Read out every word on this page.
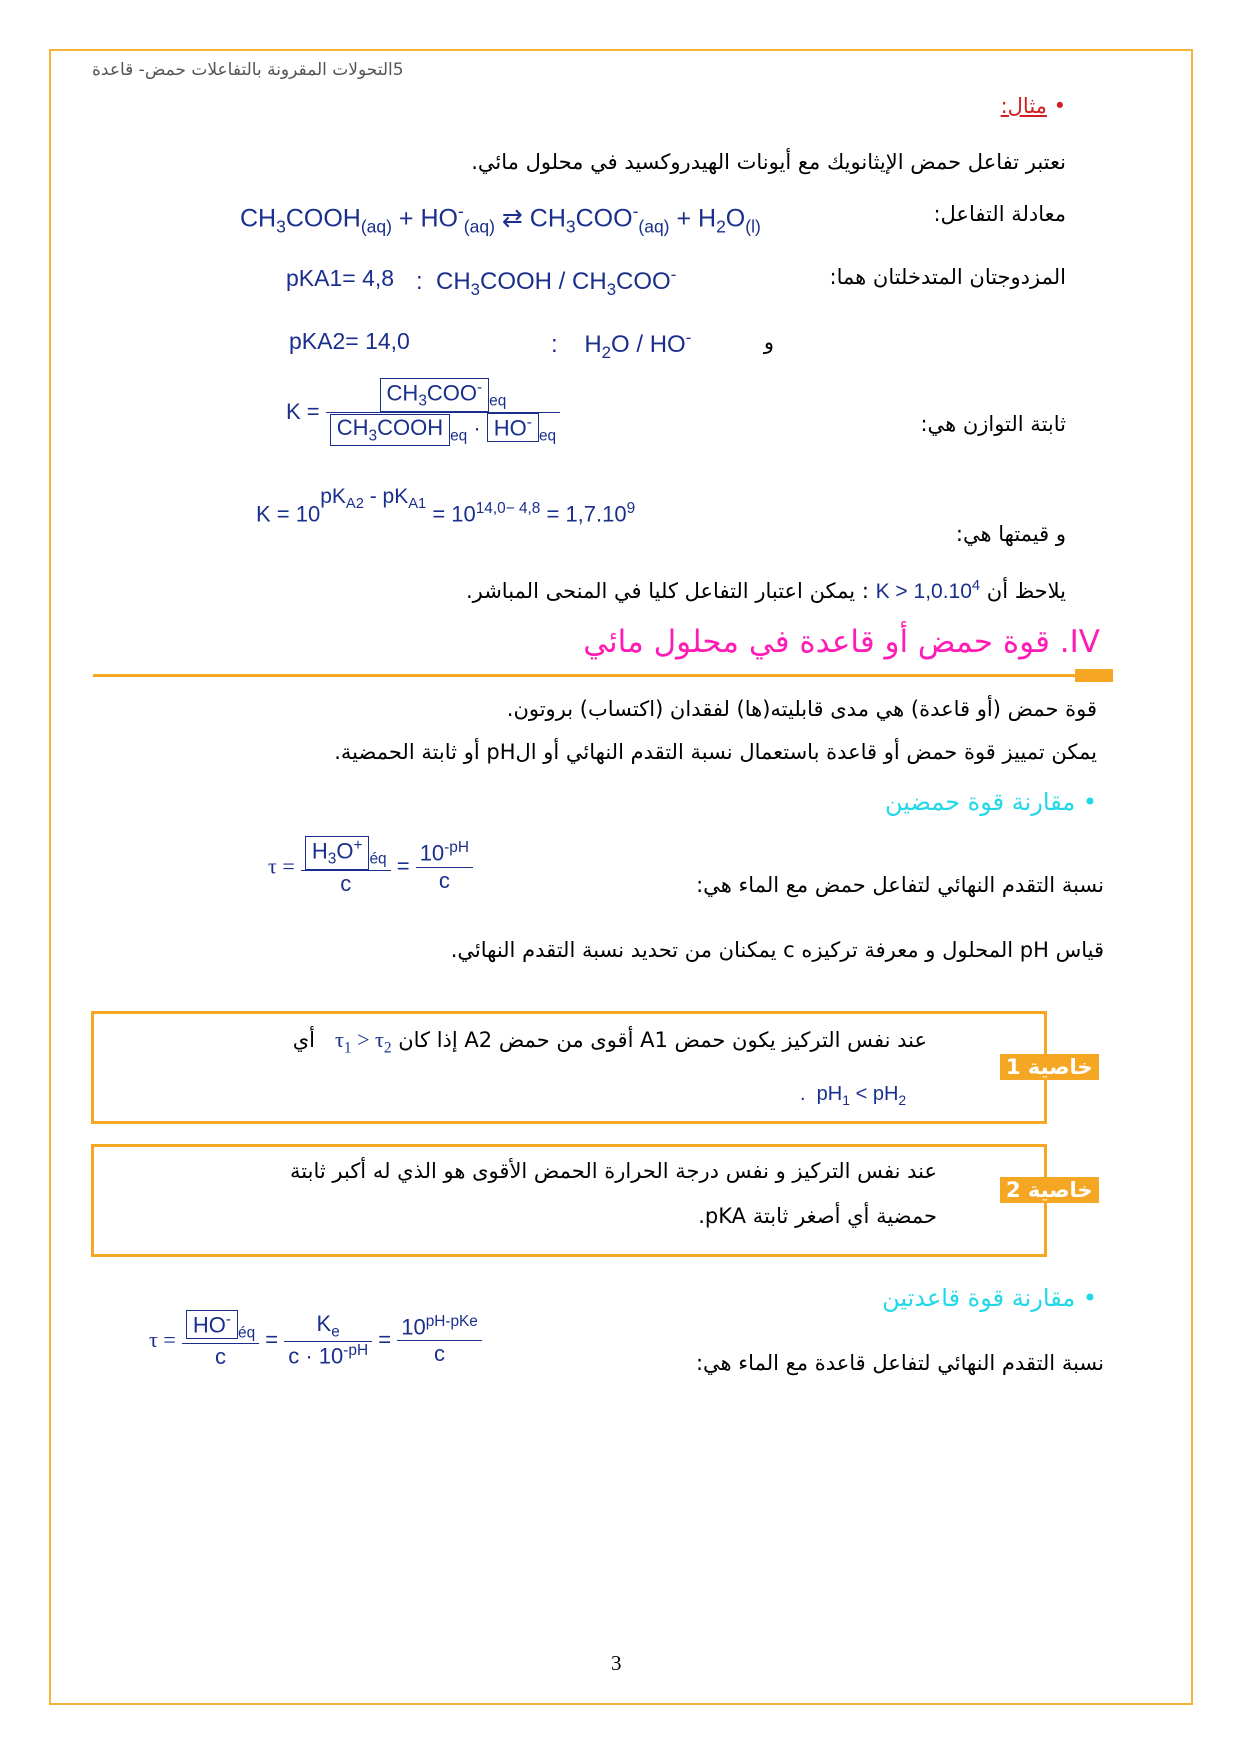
5التحولات المقرونة بالتفاعلات حمض- قاعدة
• مثال:
نعتبر تفاعل حمض الإيثانويك مع أيونات الهيدروكسيد في محلول مائي.
معادلة التفاعل:
$CH_3COOH_{(aq)} + HO^-_{(aq)}$ ⇄ $CH_3COO^-_{(aq)} + H_2O_{(l)}$
المزدوجتان المتدخلتان هما:
pKA1= 4,8 :  $CH_3COOH / CH_3COO^-$
و
pKA2= 14,0	:    $H_2O / HO^-$
ثابتة التوازن هي:
$K = \frac{CH_3COO^-_{eq}}{CH_3COOH _{eq} \cdot HO^-_{eq}}$
و قيمتها هي:
$K = 10^{pK_{A2} - pK_{A1}} = 10^{14,0- 4,8} = 1,7.10^9$
يلاحظ أن $K > 1,0.10^4$ : يمكن اعتبار التفاعل كليا في المنحى المباشر.
IV. قوة حمض أو قاعدة في محلول مائي
قوة حمض (أو قاعدة) هي مدى قابليته(ها) لفقدان (اكتساب) بروتون.
يمكن تمييز قوة حمض أو قاعدة باستعمال نسبة التقدم النهائي أو الpH أو ثابتة الحمضية.
• مقارنة قوة حمضين
نسبة التقدم النهائي لتفاعل حمض مع الماء هي:
$\tau = \frac{H_3O^+_{éq}}{c} = \frac{10^{-pH}}{c}$
قياس pH المحلول و معرفة تركيزه c يمكنان من تحديد نسبة التقدم النهائي.
خاصية 1
عند نفس التركيز يكون حمض A1 أقوى من حمض A2 إذا كان $\tau_1 > \tau_2$   أي
.  $pH_1 < pH_2$
خاصية 2
عند نفس التركيز و نفس درجة الحرارة الحمض الأقوى هو الذي له أكبر ثابتة
حمضية أي أصغر ثابتة pKA.
• مقارنة قوة قاعدتين
نسبة التقدم النهائي لتفاعل قاعدة مع الماء هي:
$\tau = \frac{HO^-_{éq}}{c} = \frac{K_e}{c \cdot 10^{-pH}} = \frac{10^{pH-pKe}}{c}$
3
